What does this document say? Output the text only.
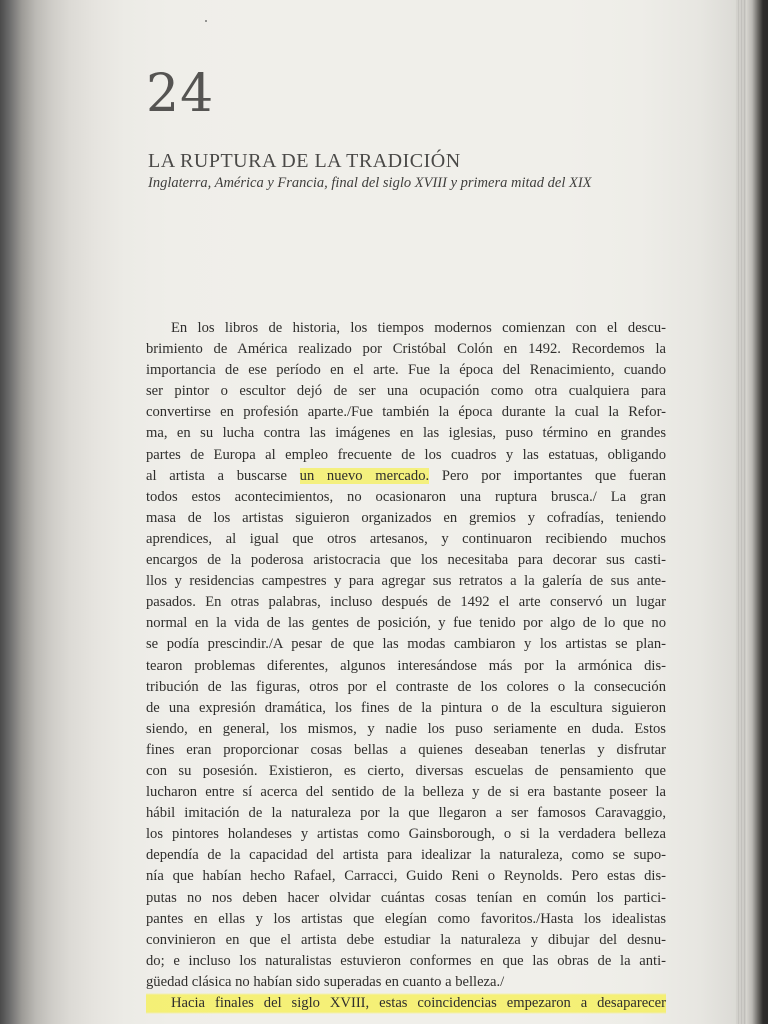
24
LA RUPTURA DE LA TRADICIÓN
Inglaterra, América y Francia, final del siglo XVIII y primera mitad del XIX
En los libros de historia, los tiempos modernos comienzan con el descu-
brimiento de América realizado por Cristóbal Colón en 1492. Recordemos la
importancia de ese período en el arte. Fue la época del Renacimiento, cuando
ser pintor o escultor dejó de ser una ocupación como otra cualquiera para
convertirse en profesión aparte./Fue también la época durante la cual la Refor-
ma, en su lucha contra las imágenes en las iglesias, puso término en grandes
partes de Europa al empleo frecuente de los cuadros y las estatuas, obligando
al artista a buscarse un nuevo mercado. Pero por importantes que fueran
todos estos acontecimientos, no ocasionaron una ruptura brusca./ La gran
masa de los artistas siguieron organizados en gremios y cofradías, teniendo
aprendices, al igual que otros artesanos, y continuaron recibiendo muchos
encargos de la poderosa aristocracia que los necesitaba para decorar sus casti-
llos y residencias campestres y para agregar sus retratos a la galería de sus ante-
pasados. En otras palabras, incluso después de 1492 el arte conservó un lugar
normal en la vida de las gentes de posición, y fue tenido por algo de lo que no
se podía prescindir./A pesar de que las modas cambiaron y los artistas se plan-
tearon problemas diferentes, algunos interesándose más por la armónica dis-
tribución de las figuras, otros por el contraste de los colores o la consecución
de una expresión dramática, los fines de la pintura o de la escultura siguieron
siendo, en general, los mismos, y nadie los puso seriamente en duda. Estos
fines eran proporcionar cosas bellas a quienes deseaban tenerlas y disfrutar
con su posesión. Existieron, es cierto, diversas escuelas de pensamiento que
lucharon entre sí acerca del sentido de la belleza y de si era bastante poseer la
hábil imitación de la naturaleza por la que llegaron a ser famosos Caravaggio,
los pintores holandeses y artistas como Gainsborough, o si la verdadera belleza
dependía de la capacidad del artista para idealizar la naturaleza, como se supo-
nía que habían hecho Rafael, Carracci, Guido Reni o Reynolds. Pero estas dis-
putas no nos deben hacer olvidar cuántas cosas tenían en común los partici-
pantes en ellas y los artistas que elegían como favoritos./Hasta los idealistas
convinieron en que el artista debe estudiar la naturaleza y dibujar del desnu-
do; e incluso los naturalistas estuvieron conformes en que las obras de la anti-
güedad clásica no habían sido superadas en cuanto a belleza./
Hacia finales del siglo XVIII, estas coincidencias empezaron a desaparecer
